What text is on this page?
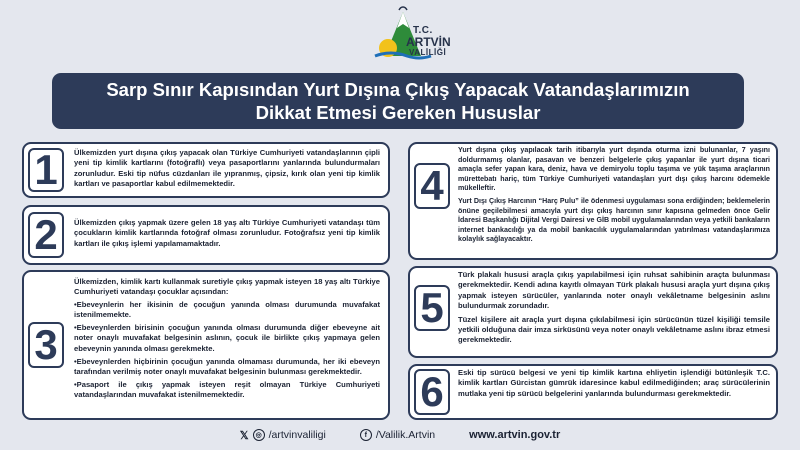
T.C.
ARTVİN
VALİLİĞİ
Sarp Sınır Kapısından Yurt Dışına Çıkış Yapacak Vatandaşlarımızın
Dikkat Etmesi Gereken Hususlar
1	Ülkemizden yurt dışına çıkış yapacak olan Türkiye Cumhuriyeti vatandaşlarının çipli yeni tip kimlik kartlarını (fotoğraflı) veya pasaportlarını yanlarında bulundurmaları zorunludur. Eski tip nüfus cüzdanları ile yıpranmış, çipsiz, kırık olan yeni tip kimlik kartları ve pasaportlar kabul edilmemektedir.

2	Ülkemizden çıkış yapmak üzere gelen 18 yaş altı Türkiye Cumhuriyeti vatandaşı tüm çocukların kimlik kartlarında fotoğraf olması zorunludur. Fotoğrafsız yeni tip kimlik kartları ile çıkış işlemi yapılamamaktadır.

3

Ülkemizden, kimlik kartı kullanmak suretiyle çıkış yapmak isteyen 18 yaş altı Türkiye Cumhuriyeti vatandaşı çocuklar açısından:

•Ebeveynlerin her ikisinin de çocuğun yanında olması durumunda muvafakat istenilmemekte.

•Ebeveynlerden birisinin çocuğun yanında olması durumunda diğer ebeveyne ait noter onaylı muvafakat belgesinin aslının, çocuk ile birlikte çıkış yapmaya gelen ebeveynin yanında olması gerekmekte.

•Ebeveynlerden hiçbirinin çocuğun yanında olmaması durumunda, her iki ebeveyn tarafından verilmiş noter onaylı muvafakat belgesinin bulunması gerekmektedir.

•Pasaport ile çıkış yapmak isteyen reşit olmayan Türkiye Cumhuriyeti vatandaşlarından muvafakat istenilmemektedir.

4

Yurt dışına çıkış yapılacak tarih itibarıyla yurt dışında oturma izni bulunanlar, 7 yaşını doldurmamış olanlar, pasavan ve benzeri belgelerle çıkış yapanlar ile yurt dışına ticari amaçla sefer yapan kara, deniz, hava ve demiryolu toplu taşıma ve yük taşıma araçlarının mürettebatı hariç, tüm Türkiye Cumhuriyeti vatandaşları yurt dışı çıkış harcını ödemekle mükelleftir.

Yurt Dışı Çıkış Harcının “Harç Pulu” ile ödenmesi uygulaması sona erdiğinden; beklemelerin önüne geçilebilmesi amacıyla yurt dışı çıkış harcının sınır kapısına gelmeden önce Gelir İdaresi Başkanlığı Dijital Vergi Dairesi ve GİB mobil uygulamalarından veya yetkili bankaların internet bankacılığı ya da mobil bankacılık uygulamalarından yatırılması vatandaşlarımıza kolaylık sağlayacaktır.

5

Türk plakalı hususi araçla çıkış yapılabilmesi için ruhsat sahibinin araçta bulunması gerekmektedir. Kendi adına kayıtlı olmayan Türk plakalı hususi araçla yurt dışına çıkış yapmak isteyen sürücüler, yanlarında noter onaylı vekâletname belgesinin aslını bulundurmak zorundadır.

Tüzel kişilere ait araçla yurt dışına çıkılabilmesi için sürücünün tüzel kişiliği temsile yetkili olduğuna dair imza sirküsünü veya noter onaylı vekâletname aslını ibraz etmesi gerekmektedir.

6	Eski tip sürücü belgesi ve yeni tip kimlik kartına ehliyetin işlendiği bütünleşik T.C. kimlik kartları Gürcistan gümrük idaresince kabul edilmediğinden; araç sürücülerinin mutlaka yeni tip sürücü belgelerini yanlarında bulundurması gerekmektedir.

𝕏 ◎ /artvinvaliligi	f /Valilik.Artvin	www.artvin.gov.tr
